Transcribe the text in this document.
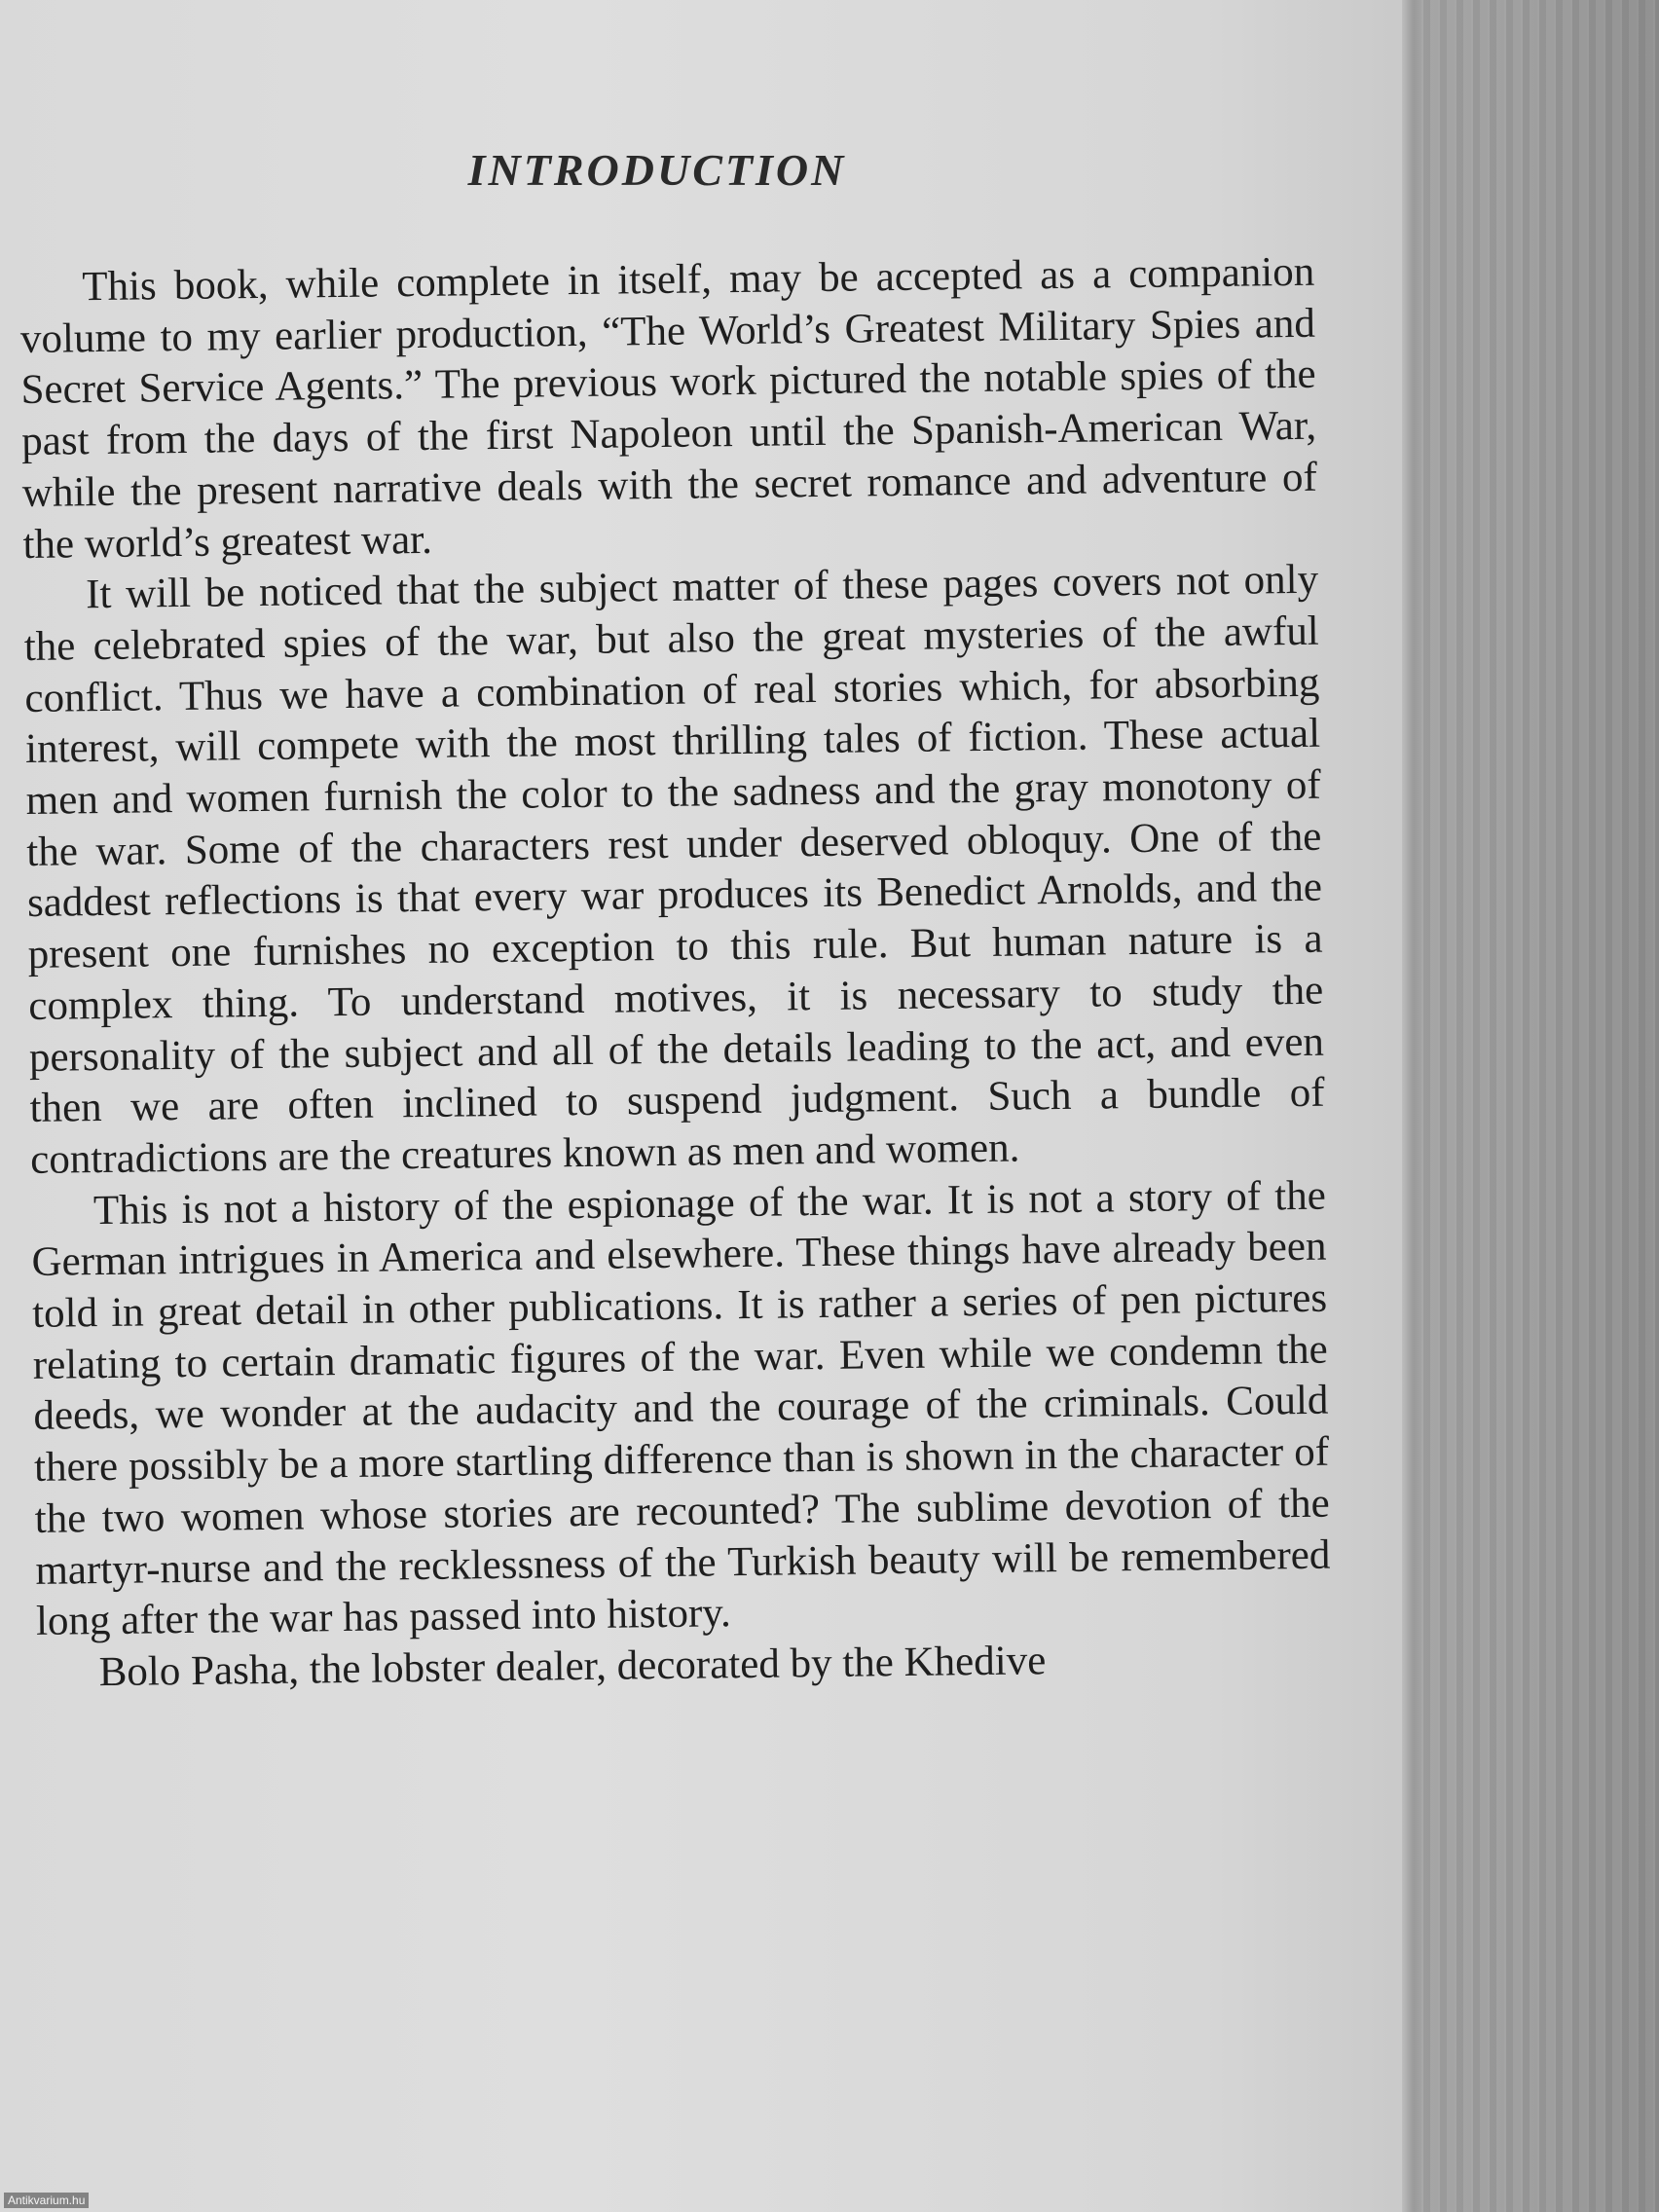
INTRODUCTION

This book, while complete in itself, may be accepted as a companion volume to my earlier production, “The World’s Greatest Military Spies and Secret Service Agents.” The previous work pictured the notable spies of the past from the days of the first Napoleon until the Spanish-American War, while the present narrative deals with the secret romance and adventure of the world’s greatest war.

It will be noticed that the subject matter of these pages covers not only the celebrated spies of the war, but also the great mysteries of the awful conflict. Thus we have a combination of real stories which, for absorbing interest, will compete with the most thrilling tales of fiction. These actual men and women furnish the color to the sadness and the gray monotony of the war. Some of the characters rest under deserved obloquy. One of the saddest reflections is that every war produces its Benedict Arnolds, and the present one furnishes no exception to this rule. But human nature is a complex thing. To understand motives, it is necessary to study the personality of the subject and all of the details leading to the act, and even then we are often inclined to suspend judgment. Such a bundle of contradictions are the creatures known as men and women.

This is not a history of the espionage of the war. It is not a story of the German intrigues in America and elsewhere. These things have already been told in great detail in other publications. It is rather a series of pen pictures relating to certain dramatic figures of the war. Even while we condemn the deeds, we wonder at the audacity and the courage of the criminals. Could there possibly be a more startling difference than is shown in the character of the two women whose stories are recounted? The sublime devotion of the martyr-nurse and the recklessness of the Turkish beauty will be remembered long after the war has passed into history.

Bolo Pasha, the lobster dealer, decorated by the Khedive

Antikvarium.hu
